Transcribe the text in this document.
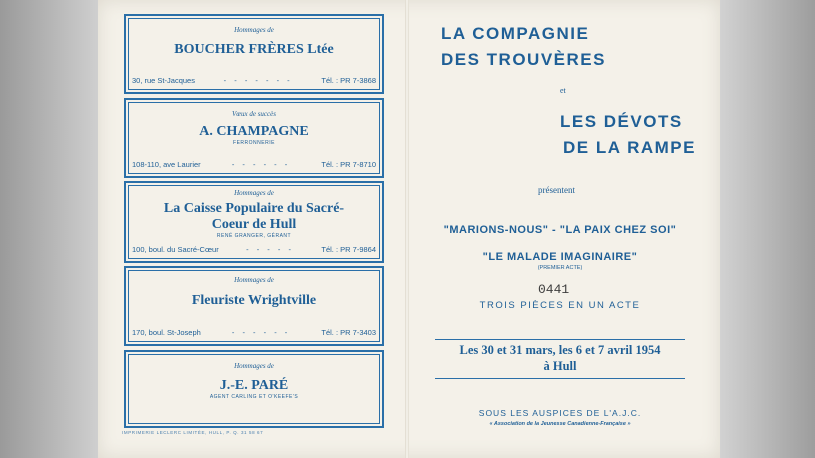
Hommages de
BOUCHER FRÈRES Ltée
30, rue St-Jacques	- - - - - - -	Tél. : PR 7-3868
Vœux de succès
A. CHAMPAGNE
FERRONNERIE
108-110, ave Laurier	- - - - - -	Tél. : PR 7-8710
Hommages de
La Caisse Populaire du Sacré-Coeur de Hull
RENÉ GRANGER, GÉRANT
100, boul. du Sacré-Cœur	- - - - -	Tél. : PR 7-9864
Hommages de
Fleuriste Wrightville
170, boul. St-Joseph	- - - - - -	Tél. : PR 7-3403
Hommages de
J.-E. PARÉ
AGENT CARLING ET O'KEEFE'S
IMPRIMERIE LECLERC LIMITÉE, HULL, P. Q. 31 58 67
LA COMPAGNIE
DES TROUVÈRES
et
LES DÉVOTS
DE LA RAMPE
présentent
"MARIONS-NOUS" - "LA PAIX CHEZ SOI"
"LE MALADE IMAGINAIRE"
(PREMIER ACTE)
0441
TROIS PIÈCES EN UN ACTE
Les 30 et 31 mars, les 6 et 7 avril 1954
à Hull
SOUS LES AUSPICES DE L'A.J.C.
« Association de la Jeunesse Canadienne-Française »
